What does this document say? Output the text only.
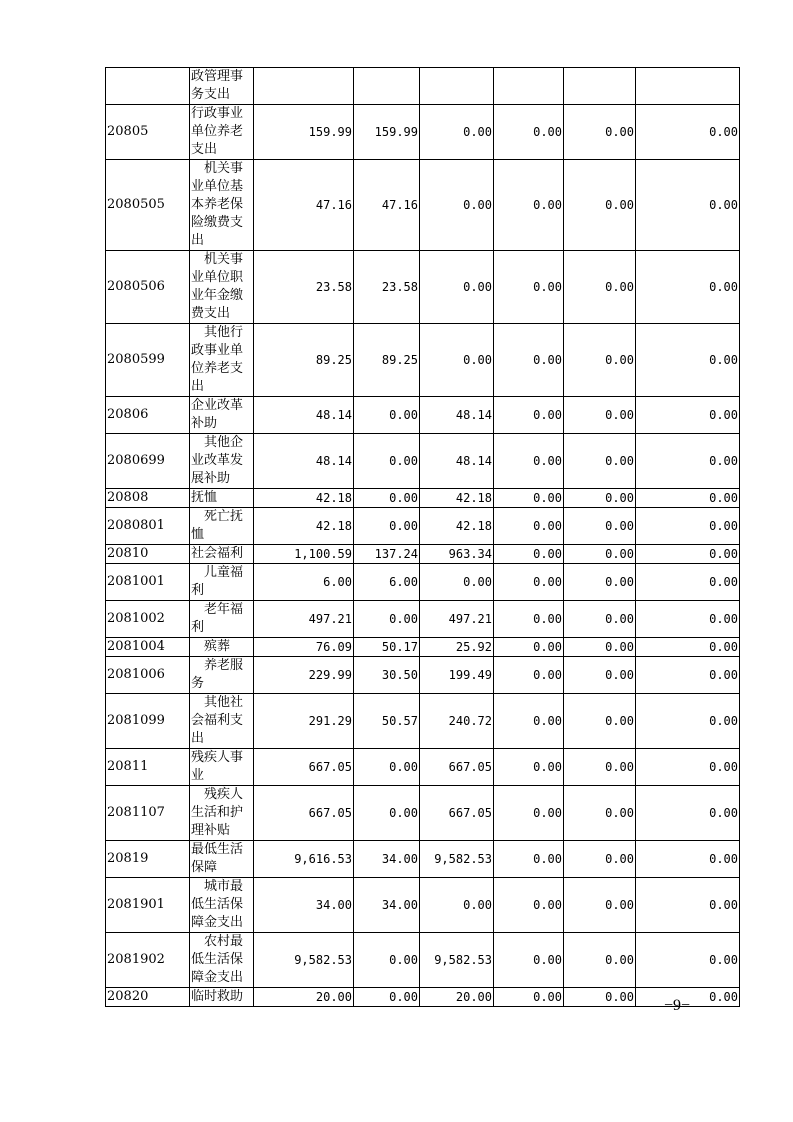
	政管理事务支出						
20805	行政事业单位养老支出	159.99	159.99	0.00	0.00	0.00	0.00
2080505	机关事业单位基本养老保险缴费支出	47.16	47.16	0.00	0.00	0.00	0.00
2080506	机关事业单位职业年金缴费支出	23.58	23.58	0.00	0.00	0.00	0.00
2080599	其他行政事业单位养老支出	89.25	89.25	0.00	0.00	0.00	0.00
20806	企业改革补助	48.14	0.00	48.14	0.00	0.00	0.00
2080699	其他企业改革发展补助	48.14	0.00	48.14	0.00	0.00	0.00
20808	抚恤	42.18	0.00	42.18	0.00	0.00	0.00
2080801	死亡抚恤	42.18	0.00	42.18	0.00	0.00	0.00
20810	社会福利	1,100.59	137.24	963.34	0.00	0.00	0.00
2081001	儿童福利	6.00	6.00	0.00	0.00	0.00	0.00
2081002	老年福利	497.21	0.00	497.21	0.00	0.00	0.00
2081004	殡葬	76.09	50.17	25.92	0.00	0.00	0.00
2081006	养老服务	229.99	30.50	199.49	0.00	0.00	0.00
2081099	其他社会福利支出	291.29	50.57	240.72	0.00	0.00	0.00
20811	残疾人事业	667.05	0.00	667.05	0.00	0.00	0.00
2081107	残疾人生活和护理补贴	667.05	0.00	667.05	0.00	0.00	0.00
20819	最低生活保障	9,616.53	34.00	9,582.53	0.00	0.00	0.00
2081901	城市最低生活保障金支出	34.00	34.00	0.00	0.00	0.00	0.00
2081902	农村最低生活保障金支出	9,582.53	0.00	9,582.53	0.00	0.00	0.00
20820	临时救助	20.00	0.00	20.00	0.00	0.00	0.00
−9−
